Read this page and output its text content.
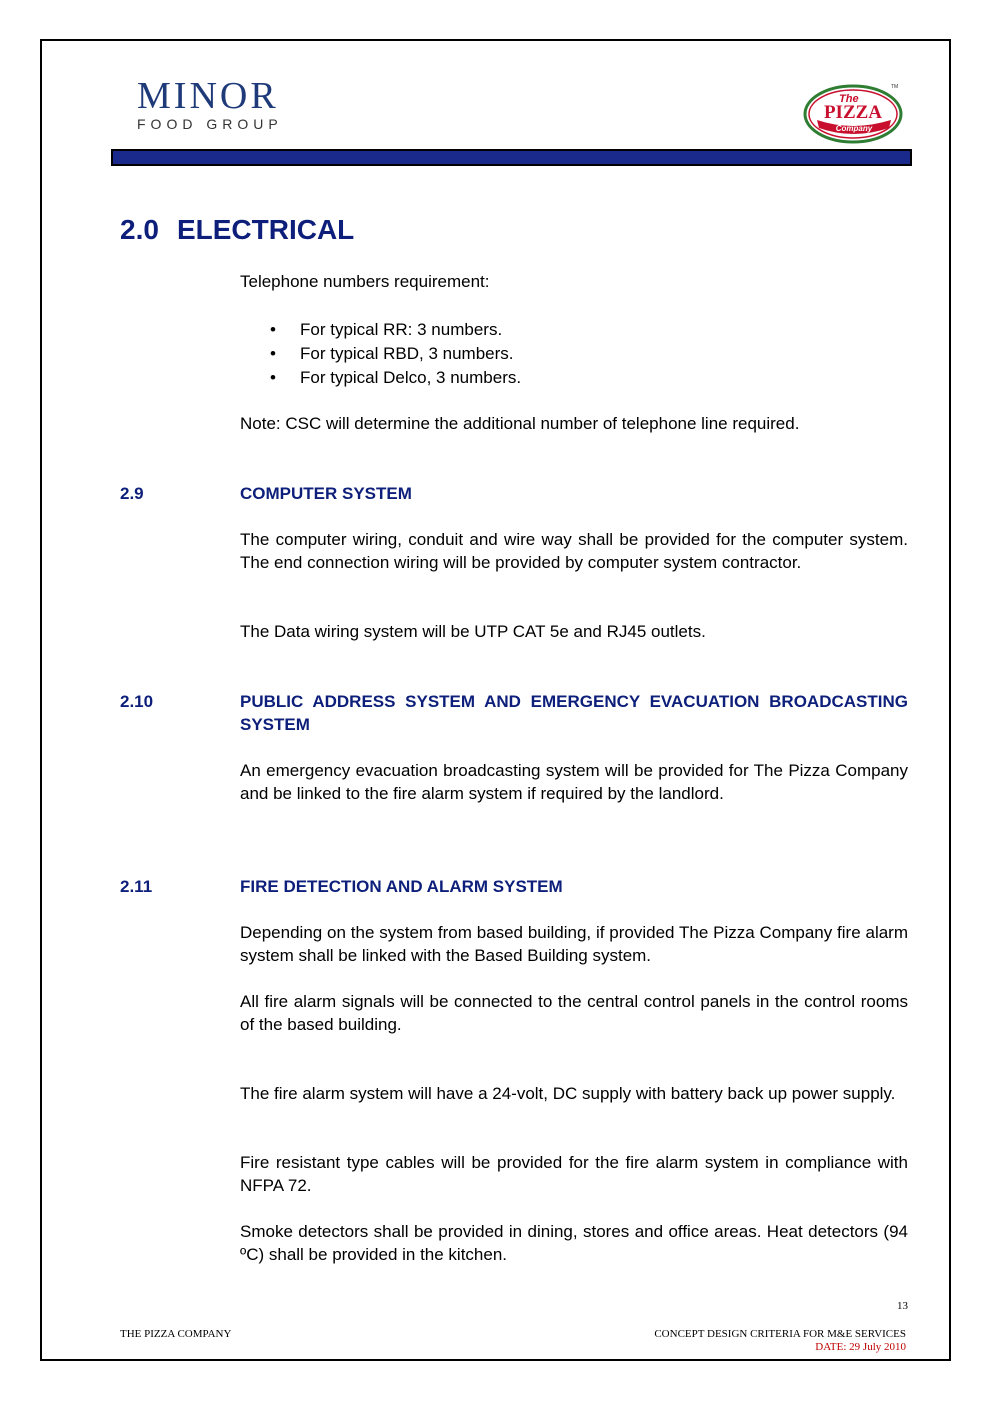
MINOR
FOOD GROUP
The
PIZZA
Company
TM
2.0 ELECTRICAL

Telephone numbers requirement:

• For typical RR: 3 numbers.
• For typical RBD, 3 numbers.
• For typical Delco, 3 numbers.

Note: CSC will determine the additional number of telephone line required.

2.9	COMPUTER SYSTEM

The computer wiring, conduit and wire way shall be provided for the computer system. The end connection wiring will be provided by computer system contractor.

The Data wiring system will be UTP CAT 5e and RJ45 outlets.

2.10	PUBLIC ADDRESS SYSTEM AND EMERGENCY EVACUATION BROADCASTING SYSTEM

An emergency evacuation broadcasting system will be provided for The Pizza Company and be linked to the fire alarm system if required by the landlord.

2.11	FIRE DETECTION AND ALARM SYSTEM

Depending on the system from based building, if provided The Pizza Company fire alarm system shall be linked with the Based Building system.

All fire alarm signals will be connected to the central control panels in the control rooms of the based building.

The fire alarm system will have a 24-volt, DC supply with battery back up power supply.

Fire resistant type cables will be provided for the fire alarm system in compliance with NFPA 72.

Smoke detectors shall be provided in dining, stores and office areas. Heat detectors (94 ºC) shall be provided in the kitchen.

13
THE PIZZA COMPANY	CONCEPT DESIGN CRITERIA FOR M&E SERVICES
DATE: 29 July 2010
